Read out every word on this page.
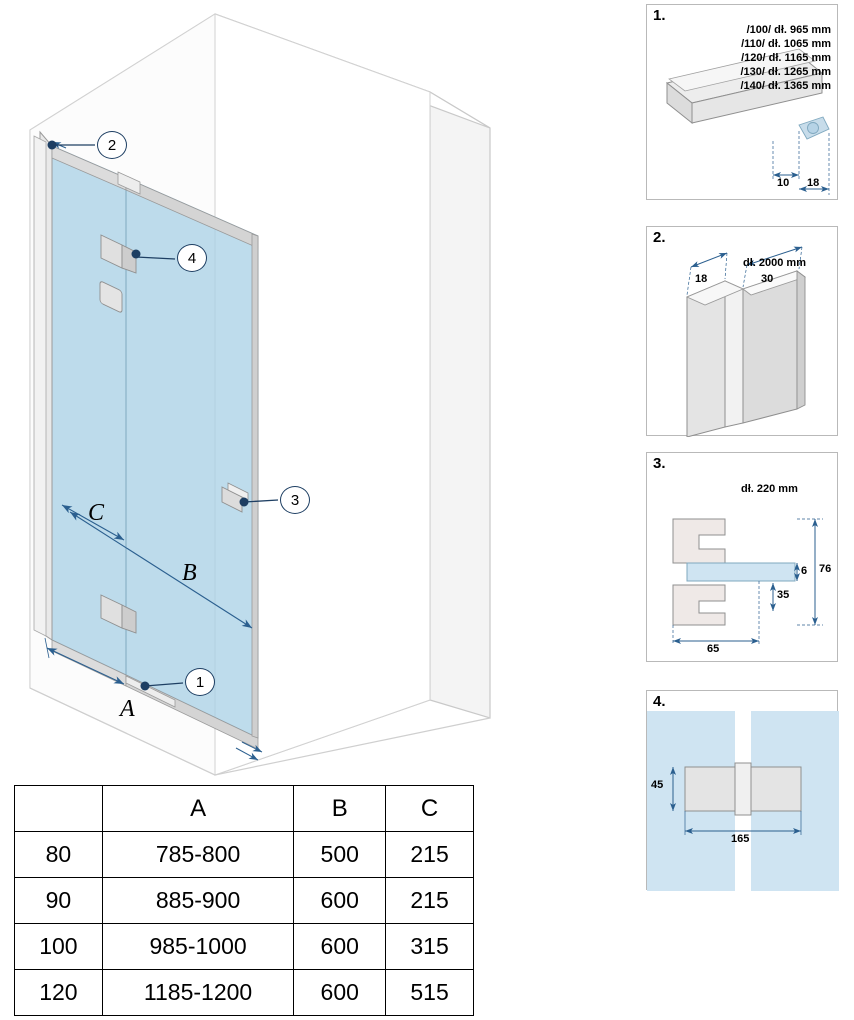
2
4
3
1
A
B
C
	A	B	C
80	785-800	500	215
90	885-900	600	215
100	985-1000	600	315
120	1185-1200	600	515
1.
/100/ dł. 965 mm
/110/ dł. 1065 mm
/120/ dł. 1165 mm
/130/ dł. 1265 mm
/140/ dł. 1365 mm
10 18
2.
dł. 2000 mm
18	30
3.
dł. 220 mm
6 76
35
65
4.
45
165
